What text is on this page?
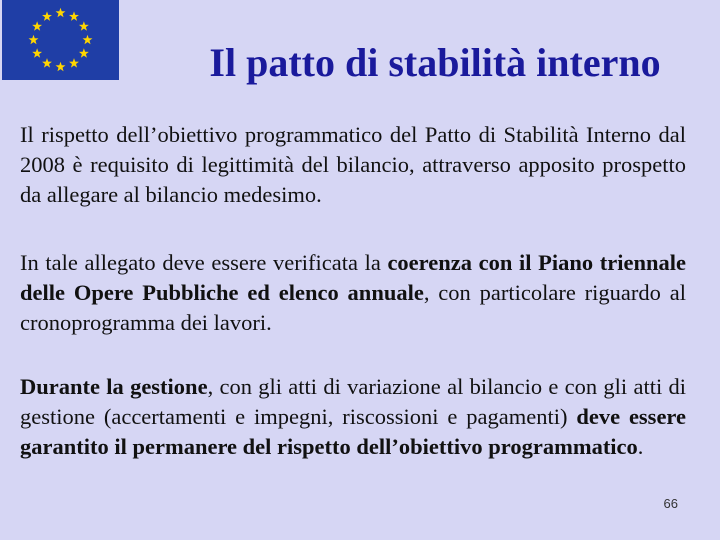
Il patto di stabilità interno

Il rispetto dell’obiettivo programmatico del Patto di Stabilità Interno dal 2008 è requisito di legittimità del bilancio, attraverso apposito prospetto da allegare al bilancio medesimo.

In tale allegato deve essere verificata la coerenza con il Piano triennale delle Opere Pubbliche ed elenco annuale, con particolare riguardo al cronoprogramma dei lavori.

Durante la gestione, con gli atti di variazione al bilancio e con gli atti di gestione (accertamenti e impegni, riscossioni e pagamenti) deve essere garantito il permanere del rispetto dell’obiettivo programmatico.

66
